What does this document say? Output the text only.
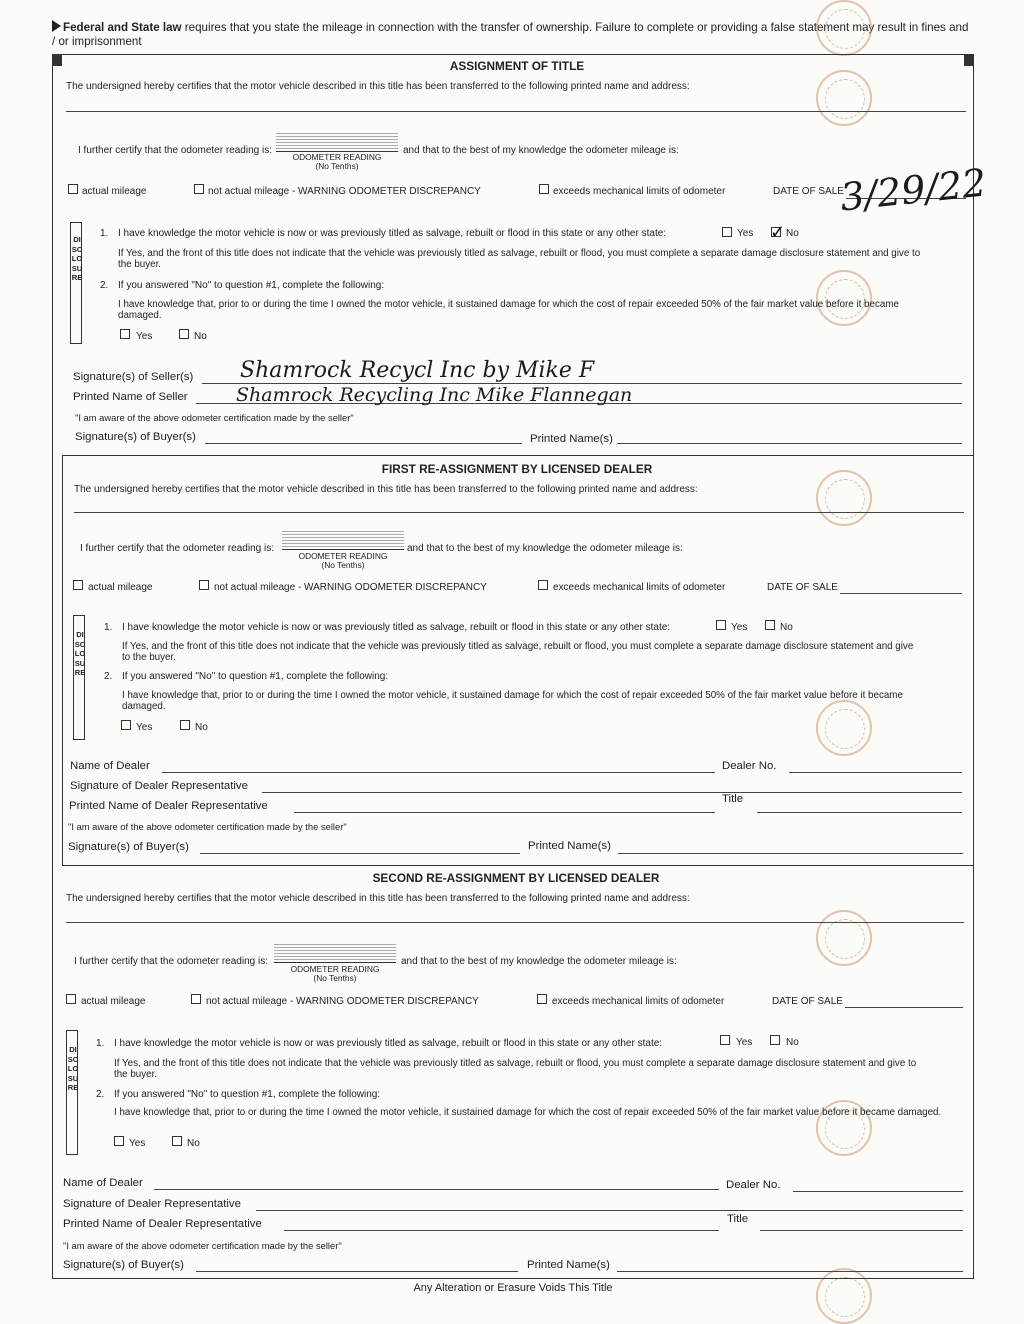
Federal and State law requires that you state the mileage in connection with the transfer of ownership. Failure to complete or providing a false statement may result in fines and / or imprisonment
ASSIGNMENT OF TITLE
The undersigned hereby certifies that the motor vehicle described in this title has been transferred to the following printed name and address:
I further certify that the odometer reading is:
ODOMETER READING
(No Tenths)
and that to the best of my knowledge the odometer mileage is:
actual mileage	not actual mileage - WARNING ODOMETER DISCREPANCY	exceeds mechanical limits of odometer	DATE OF SALE
3/29/22
DISCLOSURE
1. I have knowledge the motor vehicle is now or was previously titled as salvage, rebuilt or flood in this state or any other state:	Yes ✓ No
If Yes, and the front of this title does not indicate that the vehicle was previously titled as salvage, rebuilt or flood, you must complete a separate damage disclosure statement and give to the buyer.
2. If you answered "No" to question #1, complete the following:
I have knowledge that, prior to or during the time I owned the motor vehicle, it sustained damage for which the cost of repair exceeded 50% of the fair market value before it became damaged.
Yes	No
Signature(s) of Seller(s) Shamrock Recycl Inc by Mike F
Printed Name of Seller	Shamrock Recycling Inc Mike Flannegan
"I am aware of the above odometer certification made by the seller"
Signature(s) of Buyer(s)	Printed Name(s)
FIRST RE-ASSIGNMENT BY LICENSED DEALER
The undersigned hereby certifies that the motor vehicle described in this title has been transferred to the following printed name and address:
I further certify that the odometer reading is:
ODOMETER READING
(No Tenths)
and that to the best of my knowledge the odometer mileage is:
actual mileage	not actual mileage - WARNING ODOMETER DISCREPANCY	exceeds mechanical limits of odometer	DATE OF SALE
DISCLOSURE
1. I have knowledge the motor vehicle is now or was previously titled as salvage, rebuilt or flood in this state or any other state:	Yes	No
If Yes, and the front of this title does not indicate that the vehicle was previously titled as salvage, rebuilt or flood, you must complete a separate damage disclosure statement and give to the buyer.
2. If you answered "No" to question #1, complete the following:
I have knowledge that, prior to or during the time I owned the motor vehicle, it sustained damage for which the cost of repair exceeded 50% of the fair market value before it became damaged.
Yes	No
Name of Dealer	Dealer No.
Signature of Dealer Representative
Printed Name of Dealer Representative
Title
"I am aware of the above odometer certification made by the seller"
Signature(s) of Buyer(s)	Printed Name(s)
SECOND RE-ASSIGNMENT BY LICENSED DEALER
The undersigned hereby certifies that the motor vehicle described in this title has been transferred to the following printed name and address:
I further certify that the odometer reading is:
ODOMETER READING
(No Tenths)
and that to the best of my knowledge the odometer mileage is:
actual mileage	not actual mileage - WARNING ODOMETER DISCREPANCY	exceeds mechanical limits of odometer	DATE OF SALE
DISCLOSURE
1. I have knowledge the motor vehicle is now or was previously titled as salvage, rebuilt or flood in this state or any other state:	Yes	No
If Yes, and the front of this title does not indicate that the vehicle was previously titled as salvage, rebuilt or flood, you must complete a separate damage disclosure statement and give to the buyer.
2. If you answered "No" to question #1, complete the following:
I have knowledge that, prior to or during the time I owned the motor vehicle, it sustained damage for which the cost of repair exceeded 50% of the fair market value before it became damaged.
Yes	No
Name of Dealer	Dealer No.
Signature of Dealer Representative
Printed Name of Dealer Representative	Title
"I am aware of the above odometer certification made by the seller"
Signature(s) of Buyer(s)	Printed Name(s)
Any Alteration or Erasure Voids This Title
